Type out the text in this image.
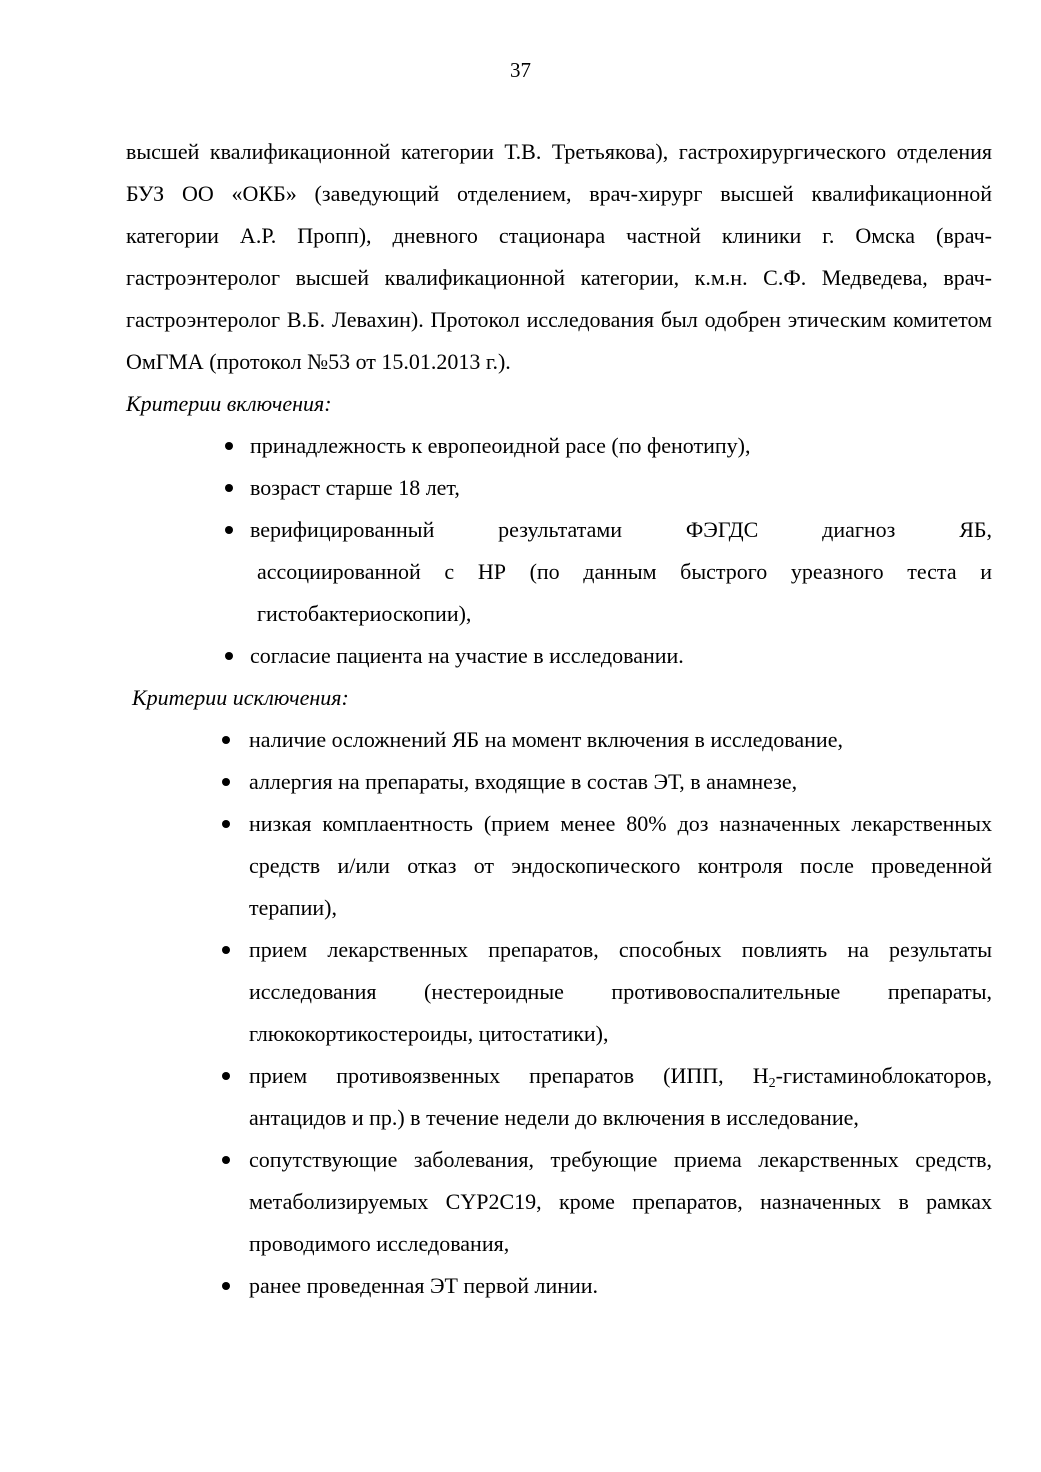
37

высшей квалификационной категории Т.В. Третьякова), гастрохирургического отделения БУЗ ОО «ОКБ» (заведующий отделением, врач-хирург высшей квалификационной категории А.Р. Пропп), дневного стационара частной клиники г. Омска (врач-гастроэнтеролог высшей квалификационной категории, к.м.н. С.Ф. Медведева, врач-гастроэнтеролог В.Б. Левахин). Протокол исследования был одобрен этическим комитетом ОмГМА (протокол №53 от 15.01.2013 г.).

Критерии включения:

принадлежность к европеоидной расе (по фенотипу),
возраст старше 18 лет,
верифицированный результатами ФЭГДС диагноз ЯБ,
ассоциированной с НР (по данным быстрого уреазного теста и гистобактериоскопии),
согласие пациента на участие в исследовании.

Критерии исключения:

наличие осложнений ЯБ на момент включения в исследование,
аллергия на препараты, входящие в состав ЭТ, в анамнезе,
низкая комплаентность (прием менее 80% доз назначенных лекарственных средств и/или отказ от эндоскопического контроля после проведенной терапии),
прием лекарственных препаратов, способных повлиять на результаты исследования (нестероидные противовоспалительные препараты, глюкокортикостероиды, цитостатики),
прием противоязвенных препаратов (ИПП, $Н_2$-гистаминоблокаторов, антацидов и пр.) в течение недели до включения в исследование,
сопутствующие заболевания, требующие приема лекарственных средств, метаболизируемых CYP2C19, кроме препаратов, назначенных в рамках проводимого исследования,
ранее проведенная ЭТ первой линии.
